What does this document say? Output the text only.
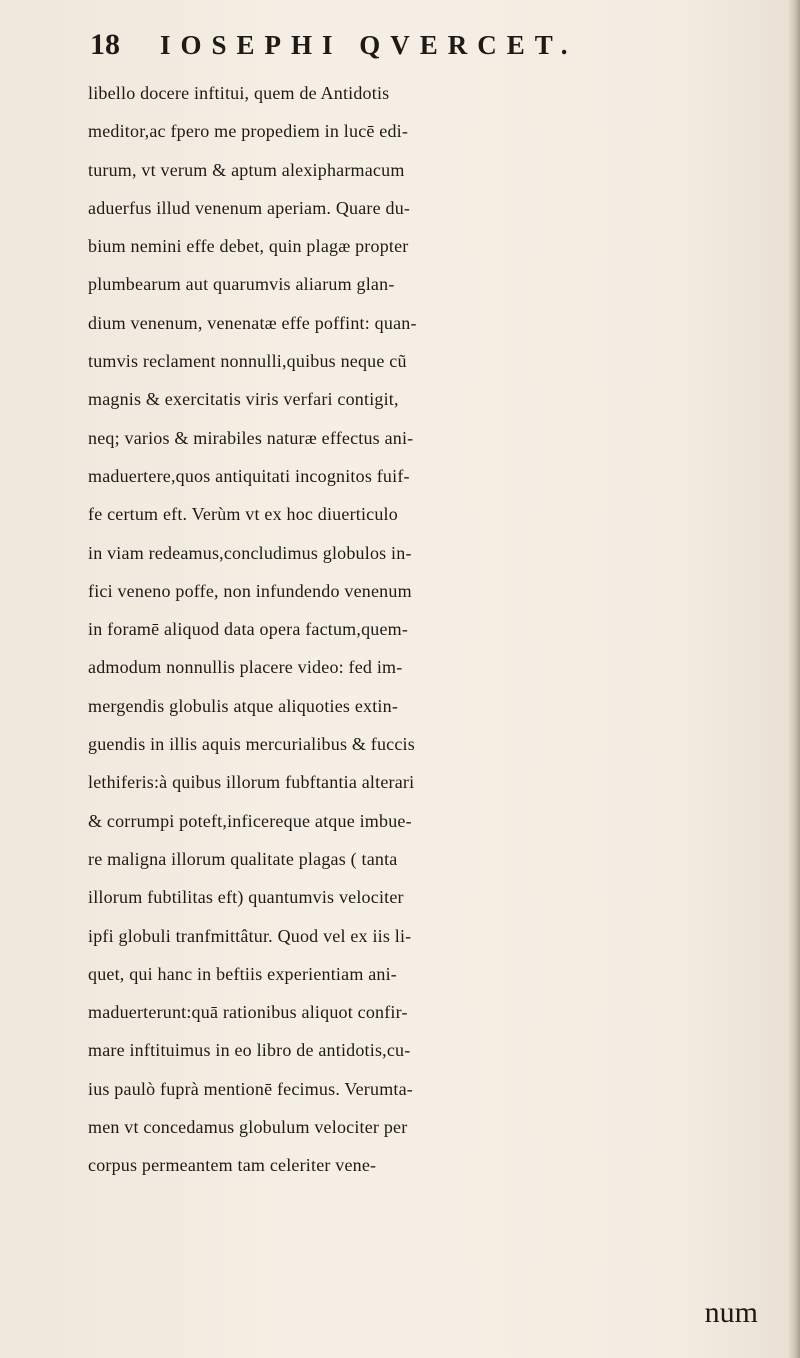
18 IOSEPHI QVERCET.
libello docere inftitui, quem de Antidotis
meditor,ac fpero me propediem in lucē edi-
turum, vt verum & aptum alexipharmacum
aduerfus illud venenum aperiam. Quare du-
bium nemini effe debet, quin plagæ propter
plumbearum aut quarumvis aliarum glan-
dium venenum, venenatæ effe poffint: quan-
tumvis reclament nonnulli,quibus neque cũ
magnis & exercitatis viris verfari contigit,
neq; varios & mirabiles naturæ effectus ani-
maduertere,quos antiquitati incognitos fuif-
fe certum eft. Verùm vt ex hoc diuerticulo
in viam redeamus,concludimus globulos in-
fici veneno poffe, non infundendo venenum
in foramē aliquod data opera factum,quem-
admodum nonnullis placere video: fed im-
mergendis globulis atque aliquoties extin-
guendis in illis aquis mercurialibus & fuccis
lethiferis:à quibus illorum fubftantia alterari
& corrumpi poteft,inficereque atque imbue-
re maligna illorum qualitate plagas ( tanta
illorum fubtilitas eft) quantumvis velociter
ipfi globuli tranfmittâtur. Quod vel ex iis li-
quet, qui hanc in beftiis experientiam ani-
maduerterunt:quā rationibus aliquot confir-
mare inftituimus in eo libro de antidotis,cu-
ius paulò fuprà mentionē fecimus. Verumta-
men vt concedamus globulum velociter per
corpus permeantem tam celeriter vene-
num
